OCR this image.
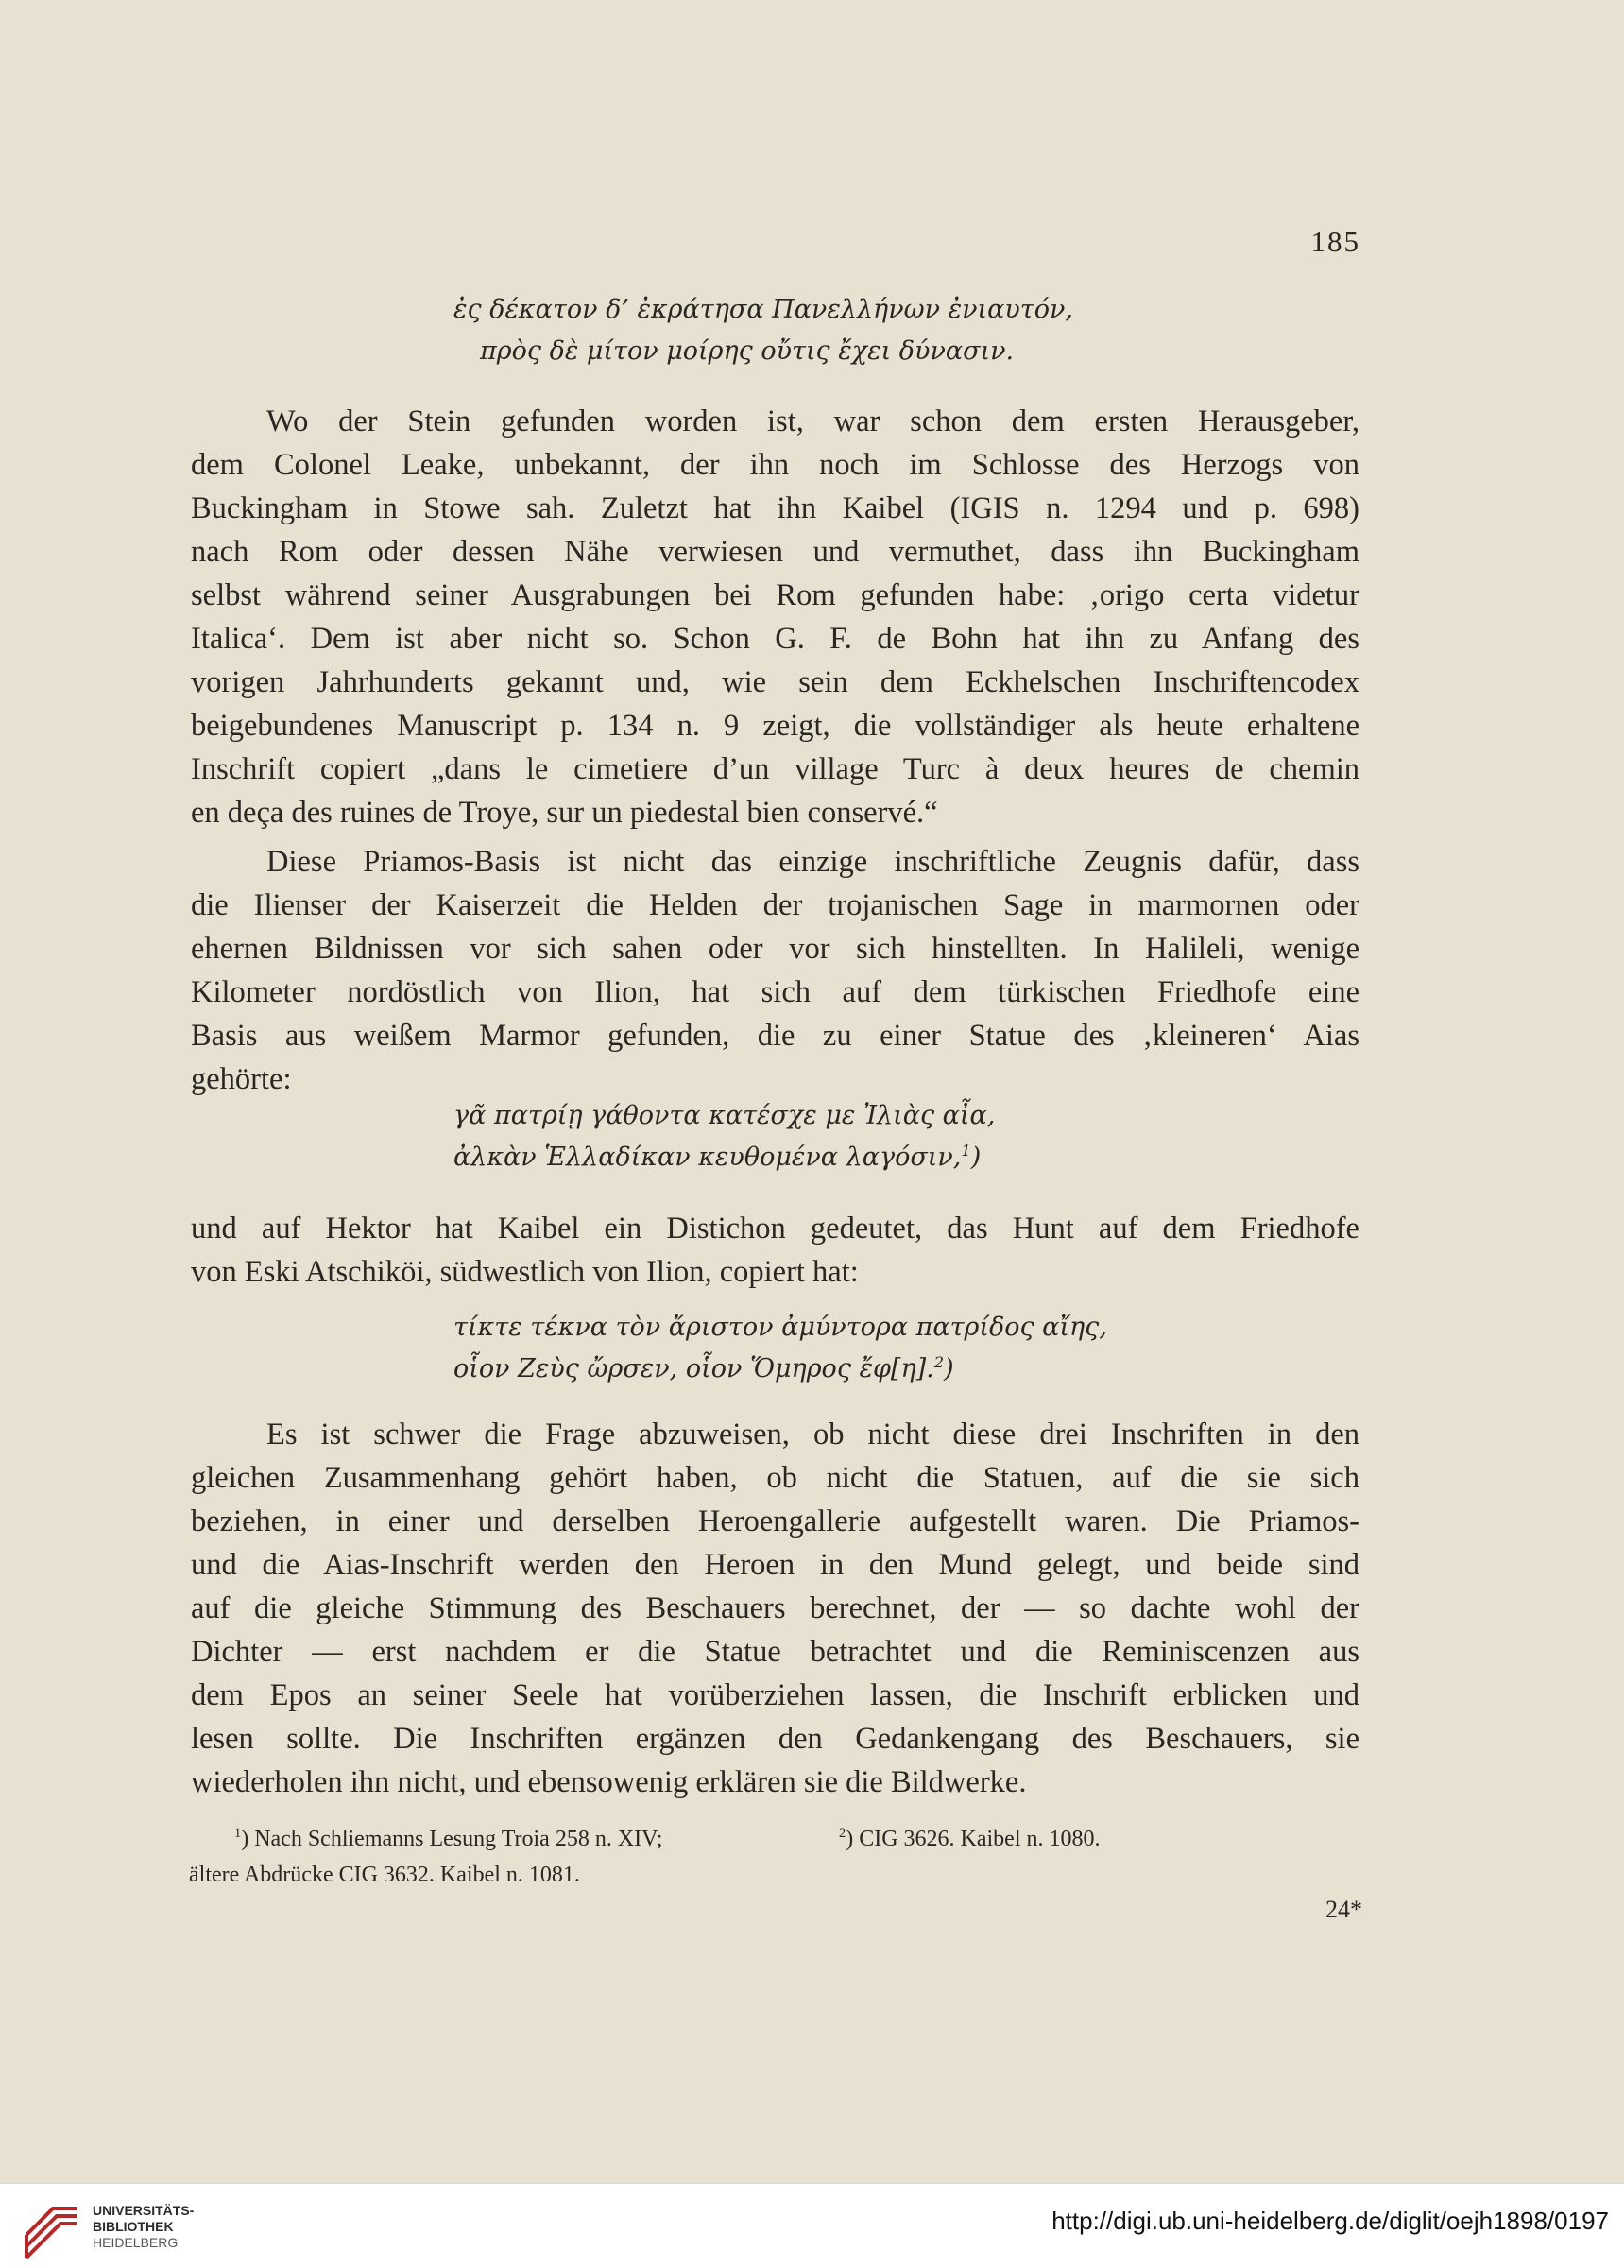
185
ἐς δέκατον δ’ ἐκράτησα Πανελλήνων ἐνιαυτόν,
πρὸς δὲ μίτον μοίρης οὔτις ἔχει δύνασιν.
Wo der Stein gefunden worden ist, war schon dem ersten Herausgeber,
dem Colonel Leake, unbekannt, der ihn noch im Schlosse des Herzogs von
Buckingham in Stowe sah. Zuletzt hat ihn Kaibel (IGIS n. 1294 und p. 698)
nach Rom oder dessen Nähe verwiesen und vermuthet, dass ihn Buckingham
selbst während seiner Ausgrabungen bei Rom gefunden habe: ‚origo certa videtur
Italica‘. Dem ist aber nicht so. Schon G. F. de Bohn hat ihn zu Anfang des
vorigen Jahrhunderts gekannt und, wie sein dem Eckhelschen Inschriftencodex
beigebundenes Manuscript p. 134 n. 9 zeigt, die vollständiger als heute erhaltene
Inschrift copiert „dans le cimetiere d’un village Turc à deux heures de chemin
en deça des ruines de Troye, sur un piedestal bien conservé.“
Diese Priamos-Basis ist nicht das einzige inschriftliche Zeugnis dafür, dass
die Ilienser der Kaiserzeit die Helden der trojanischen Sage in marmornen oder
ehernen Bildnissen vor sich sahen oder vor sich hinstellten. In Halileli, wenige
Kilometer nordöstlich von Ilion, hat sich auf dem türkischen Friedhofe eine
Basis aus weißem Marmor gefunden, die zu einer Statue des ‚kleineren‘ Aias
gehörte:
γᾶ πατρίῃ γάθοντα κατέσχε με Ἰλιὰς αἶα,
ἀλκὰν Ἑλλαδίκαν κευθομένα λαγόσιν,$^1$)
und auf Hektor hat Kaibel ein Distichon gedeutet, das Hunt auf dem Friedhofe
von Eski Atschiköi, südwestlich von Ilion, copiert hat:
τίκτε τέκνα τὸν ἄριστον ἀμύντορα πατρίδος αἴης,
οἷον Ζεὺς ὤρσεν, οἷον Ὅμηρος ἔφ[η].$^2$)
Es ist schwer die Frage abzuweisen, ob nicht diese drei Inschriften in den
gleichen Zusammenhang gehört haben, ob nicht die Statuen, auf die sie sich
beziehen, in einer und derselben Heroengallerie aufgestellt waren. Die Priamos-
und die Aias-Inschrift werden den Heroen in den Mund gelegt, und beide sind
auf die gleiche Stimmung des Beschauers berechnet, der — so dachte wohl der
Dichter — erst nachdem er die Statue betrachtet und die Reminiscenzen aus
dem Epos an seiner Seele hat vorüberziehen lassen, die Inschrift erblicken und
lesen sollte. Die Inschriften ergänzen den Gedankengang des Beschauers, sie
wiederholen ihn nicht, und ebensowenig erklären sie die Bildwerke.
$^1$) Nach Schliemanns Lesung Troia 258 n. XIV;	$^2$) CIG 3626. Kaibel n. 1080.
ältere Abdrücke CIG 3632. Kaibel n. 1081.
24*
UNIVERSITÄTS-
BIBLIOTHEK
HEIDELBERG
http://digi.ub.uni-heidelberg.de/diglit/oejh1898/0197
